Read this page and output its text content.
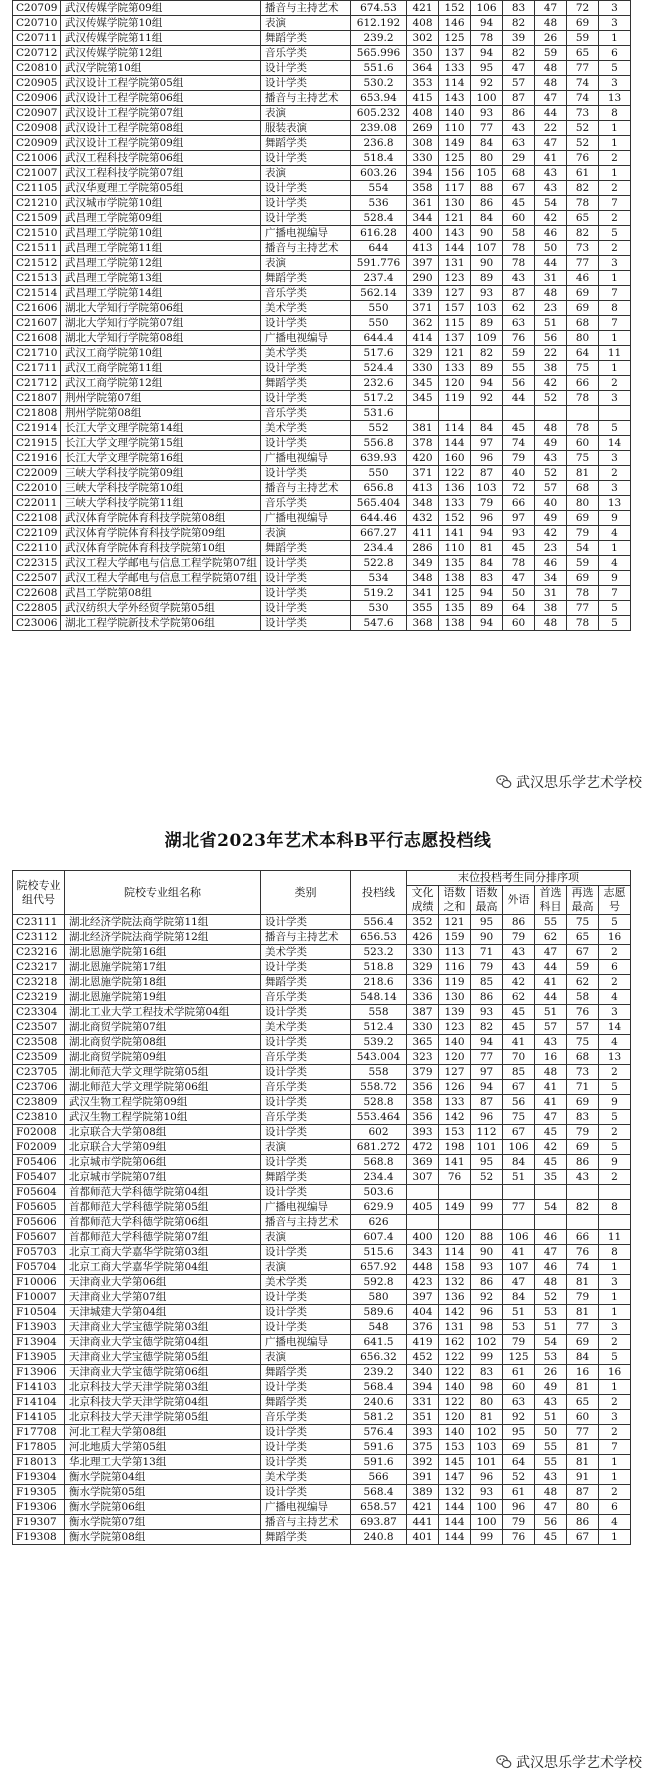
C20709	武汉传媒学院第09组	播音与主持艺术	674.53	421	152	106	83	47	72	3
C20710	武汉传媒学院第10组	表演	612.192	408	146	94	82	48	69	3
C20711	武汉传媒学院第11组	舞蹈学类	239.2	302	125	78	39	26	59	1
C20712	武汉传媒学院第12组	音乐学类	565.996	350	137	94	82	59	65	6
C20810	武汉学院第10组	设计学类	551.6	364	133	95	47	48	77	5
C20905	武汉设计工程学院第05组	设计学类	530.2	353	114	92	57	48	74	3
C20906	武汉设计工程学院第06组	播音与主持艺术	653.94	415	143	100	87	47	74	13
C20907	武汉设计工程学院第07组	表演	605.232	408	140	93	86	44	73	8
C20908	武汉设计工程学院第08组	服装表演	239.08	269	110	77	43	22	52	1
C20909	武汉设计工程学院第09组	舞蹈学类	236.8	308	149	84	63	47	52	1
C21006	武汉工程科技学院第06组	设计学类	518.4	330	125	80	29	41	76	2
C21007	武汉工程科技学院第07组	表演	603.26	394	156	105	68	43	61	1
C21105	武汉华夏理工学院第05组	设计学类	554	358	117	88	67	43	82	2
C21210	武汉城市学院第10组	设计学类	536	361	130	86	45	54	78	7
C21509	武昌理工学院第09组	设计学类	528.4	344	121	84	60	42	65	2
C21510	武昌理工学院第10组	广播电视编导	616.28	400	143	90	58	46	82	5
C21511	武昌理工学院第11组	播音与主持艺术	644	413	144	107	78	50	73	2
C21512	武昌理工学院第12组	表演	591.776	397	131	90	78	44	77	3
C21513	武昌理工学院第13组	舞蹈学类	237.4	290	123	89	43	31	46	1
C21514	武昌理工学院第14组	音乐学类	562.14	339	127	93	87	48	69	7
C21606	湖北大学知行学院第06组	美术学类	550	371	157	103	62	23	69	8
C21607	湖北大学知行学院第07组	设计学类	550	362	115	89	63	51	68	7
C21608	湖北大学知行学院第08组	广播电视编导	644.4	414	137	109	76	56	80	1
C21710	武汉工商学院第10组	美术学类	517.6	329	121	82	59	22	64	11
C21711	武汉工商学院第11组	设计学类	524.4	330	133	89	55	38	75	1
C21712	武汉工商学院第12组	舞蹈学类	232.6	345	120	94	56	42	66	2
C21807	荆州学院第07组	设计学类	517.2	345	119	92	44	52	78	3
C21808	荆州学院第08组	音乐学类	531.6							
C21914	长江大学文理学院第14组	美术学类	552	381	114	84	45	48	78	5
C21915	长江大学文理学院第15组	设计学类	556.8	378	144	97	74	49	60	14
C21916	长江大学文理学院第16组	广播电视编导	639.93	420	160	96	79	43	75	3
C22009	三峡大学科技学院第09组	设计学类	550	371	122	87	40	52	81	2
C22010	三峡大学科技学院第10组	播音与主持艺术	656.8	413	136	103	72	57	68	3
C22011	三峡大学科技学院第11组	音乐学类	565.404	348	133	79	66	40	80	13
C22108	武汉体育学院体育科技学院第08组	广播电视编导	644.46	432	152	96	97	49	69	9
C22109	武汉体育学院体育科技学院第09组	表演	667.27	411	141	94	93	42	79	4
C22110	武汉体育学院体育科技学院第10组	舞蹈学类	234.4	286	110	81	45	23	54	1
C22315	武汉工程大学邮电与信息工程学院第07组	设计学类	522.8	349	135	84	78	46	59	4
C22507	武汉工程大学邮电与信息工程学院第07组	设计学类	534	348	138	83	47	34	69	9
C22608	武昌工学院第08组	设计学类	519.2	341	125	94	50	31	78	7
C22805	武汉纺织大学外经贸学院第05组	设计学类	530	355	135	89	64	38	77	5
C23006	湖北工程学院新技术学院第06组	设计学类	547.6	368	138	94	60	48	78	5
武汉思乐学艺术学校
湖北省2023年艺术本科B平行志愿投档线
院校专业组代号	院校专业组名称	类别	投档线	末位投档考生同分排序项						
				文化成绩	语数之和	语数最高	外语	首选科目	再选最高	志愿号
C23111	湖北经济学院法商学院第11组	设计学类	556.4	352	121	95	86	55	75	5
C23112	湖北经济学院法商学院第12组	播音与主持艺术	656.53	426	159	90	79	62	65	16
C23216	湖北恩施学院第16组	美术学类	523.2	330	113	71	43	47	67	2
C23217	湖北恩施学院第17组	设计学类	518.8	329	116	79	43	44	59	6
C23218	湖北恩施学院第18组	舞蹈学类	218.6	336	119	85	42	41	62	2
C23219	湖北恩施学院第19组	音乐学类	548.14	336	130	86	62	44	58	4
C23304	湖北工业大学工程技术学院第04组	设计学类	558	387	139	93	45	51	76	3
C23507	湖北商贸学院第07组	美术学类	512.4	330	123	82	45	57	57	14
C23508	湖北商贸学院第08组	设计学类	539.2	365	140	94	41	43	75	4
C23509	湖北商贸学院第09组	音乐学类	543.004	323	120	77	70	16	68	13
C23705	湖北师范大学文理学院第05组	设计学类	558	379	127	97	85	48	73	2
C23706	湖北师范大学文理学院第06组	音乐学类	558.72	356	126	94	67	41	71	5
C23809	武汉生物工程学院第09组	设计学类	528.8	358	133	87	56	41	69	9
C23810	武汉生物工程学院第10组	音乐学类	553.464	356	142	96	75	47	83	5
F02008	北京联合大学第08组	设计学类	602	393	153	112	67	45	79	2
F02009	北京联合大学第09组	表演	681.272	472	198	101	106	42	69	5
F05406	北京城市学院第06组	设计学类	568.8	369	141	95	84	45	86	9
F05407	北京城市学院第07组	舞蹈学类	234.4	307	76	52	51	35	43	2
F05604	首都师范大学科德学院第04组	设计学类	503.6							
F05605	首都师范大学科德学院第05组	广播电视编导	629.9	405	149	99	77	54	82	8
F05606	首都师范大学科德学院第06组	播音与主持艺术	626							
F05607	首都师范大学科德学院第07组	表演	607.4	400	120	88	106	46	66	11
F05703	北京工商大学嘉华学院第03组	设计学类	515.6	343	114	90	41	47	76	8
F05704	北京工商大学嘉华学院第04组	表演	657.92	448	158	93	107	46	74	1
F10006	天津商业大学第06组	美术学类	592.8	423	132	86	47	48	81	3
F10007	天津商业大学第07组	设计学类	580	397	136	92	84	52	79	1
F10504	天津城建大学第04组	设计学类	589.6	404	142	96	51	53	81	1
F13903	天津商业大学宝德学院第03组	设计学类	548	376	131	98	53	51	77	3
F13904	天津商业大学宝德学院第04组	广播电视编导	641.5	419	162	102	79	54	69	2
F13905	天津商业大学宝德学院第05组	表演	656.32	452	122	99	125	53	84	5
F13906	天津商业大学宝德学院第06组	舞蹈学类	239.2	340	122	83	61	26	16	16
F14103	北京科技大学天津学院第03组	设计学类	568.4	394	140	98	60	49	81	1
F14104	北京科技大学天津学院第04组	舞蹈学类	240.6	331	122	80	63	43	65	2
F14105	北京科技大学天津学院第05组	音乐学类	581.2	351	120	81	92	51	60	3
F17708	河北工程大学第08组	设计学类	576.4	393	140	102	95	50	77	2
F17805	河北地质大学第05组	设计学类	591.6	375	153	103	69	55	81	7
F18013	华北理工大学第13组	设计学类	591.6	392	145	101	64	55	81	1
F19304	衡水学院第04组	美术学类	566	391	147	96	52	43	91	1
F19305	衡水学院第05组	设计学类	568.4	389	132	93	61	48	87	2
F19306	衡水学院第06组	广播电视编导	658.57	421	144	100	96	47	80	6
F19307	衡水学院第07组	播音与主持艺术	693.87	441	144	100	79	56	86	4
F19308	衡水学院第08组	舞蹈学类	240.8	401	144	99	76	45	67	1
武汉思乐学艺术学校
